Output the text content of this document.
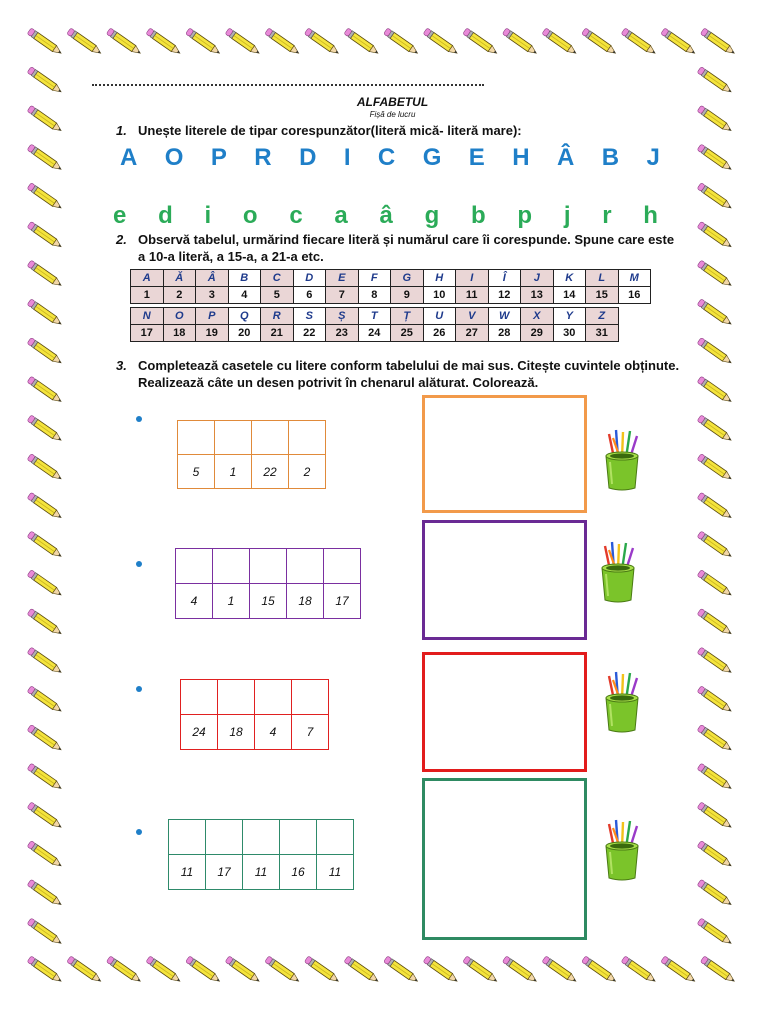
ALFABETUL
Fișă de lucru
1. Unește literele de tipar corespunzător(literă mică- literă mare):
A O P R D I C G E H Â B J
e d i o c a â g b p j r h
2. Observă tabelul, urmărind fiecare literă și numărul care îi corespunde. Spune care este
a 10-a literă, a 15-a, a 21-a etc.
A	Ă	Â	B	C	D	E	F	G	H	I	Î	J	K	L	M
1	2	3	4	5	6	7	8	9	10	11	12	13	14	15	16
N	O	P	Q	R	S	Ș	T	Ț	U	V	W	X	Y	Z
17	18	19	20	21	22	23	24	25	26	27	28	29	30	31
3. Completează casetele cu litere conform tabelului de mai sus. Citește cuvintele obținute.
Realizează câte un desen potrivit în chenarul alăturat. Colorează.
5	1	22	2
4	1	15	18	17
24	18	4	7
11	17	11	16	11
